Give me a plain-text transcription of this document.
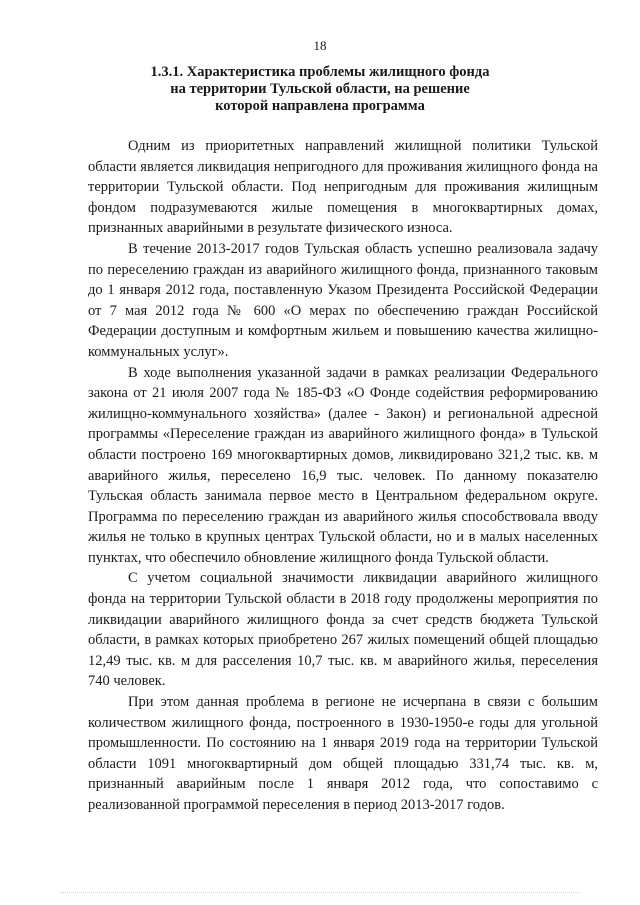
18
1.3.1. Характеристика проблемы жилищного фонда
на территории Тульской области, на решение
которой направлена программа

Одним из приоритетных направлений жилищной политики Тульской области является ликвидация непригодного для проживания жилищного фонда на территории Тульской области. Под непригодным для проживания жилищным фондом подразумеваются жилые помещения в многоквартирных домах, признанных аварийными в результате физического износа.

В течение 2013-2017 годов Тульская область успешно реализовала задачу по переселению граждан из аварийного жилищного фонда, признанного таковым до 1 января 2012 года, поставленную Указом Президента Российской Федерации от 7 мая 2012 года № 600 «О мерах по обеспечению граждан Российской Федерации доступным и комфортным жильем и повышению качества жилищно-коммунальных услуг».

В ходе выполнения указанной задачи в рамках реализации Федерального закона от 21 июля 2007 года № 185-ФЗ «О Фонде содействия реформированию жилищно-коммунального хозяйства» (далее - Закон) и региональной адресной программы «Переселение граждан из аварийного жилищного фонда» в Тульской области построено 169 многоквартирных домов, ликвидировано 321,2 тыс. кв. м аварийного жилья, переселено 16,9 тыс. человек. По данному показателю Тульская область занимала первое место в Центральном федеральном округе. Программа по переселению граждан из аварийного жилья способствовала вводу жилья не только в крупных центрах Тульской области, но и в малых населенных пунктах, что обеспечило обновление жилищного фонда Тульской области.

С учетом социальной значимости ликвидации аварийного жилищного фонда на территории Тульской области в 2018 году продолжены мероприятия по ликвидации аварийного жилищного фонда за счет средств бюджета Тульской области, в рамках которых приобретено 267 жилых помещений общей площадью 12,49 тыс. кв. м для расселения 10,7 тыс. кв. м аварийного жилья, переселения 740 человек.

При этом данная проблема в регионе не исчерпана в связи с большим количеством жилищного фонда, построенного в 1930-1950-е годы для угольной промышленности. По состоянию на 1 января 2019 года на территории Тульской области 1091 многоквартирный дом общей площадью 331,74 тыс. кв. м, признанный аварийным после 1 января 2012 года, что сопоставимо с реализованной программой переселения в период 2013-2017 годов.
